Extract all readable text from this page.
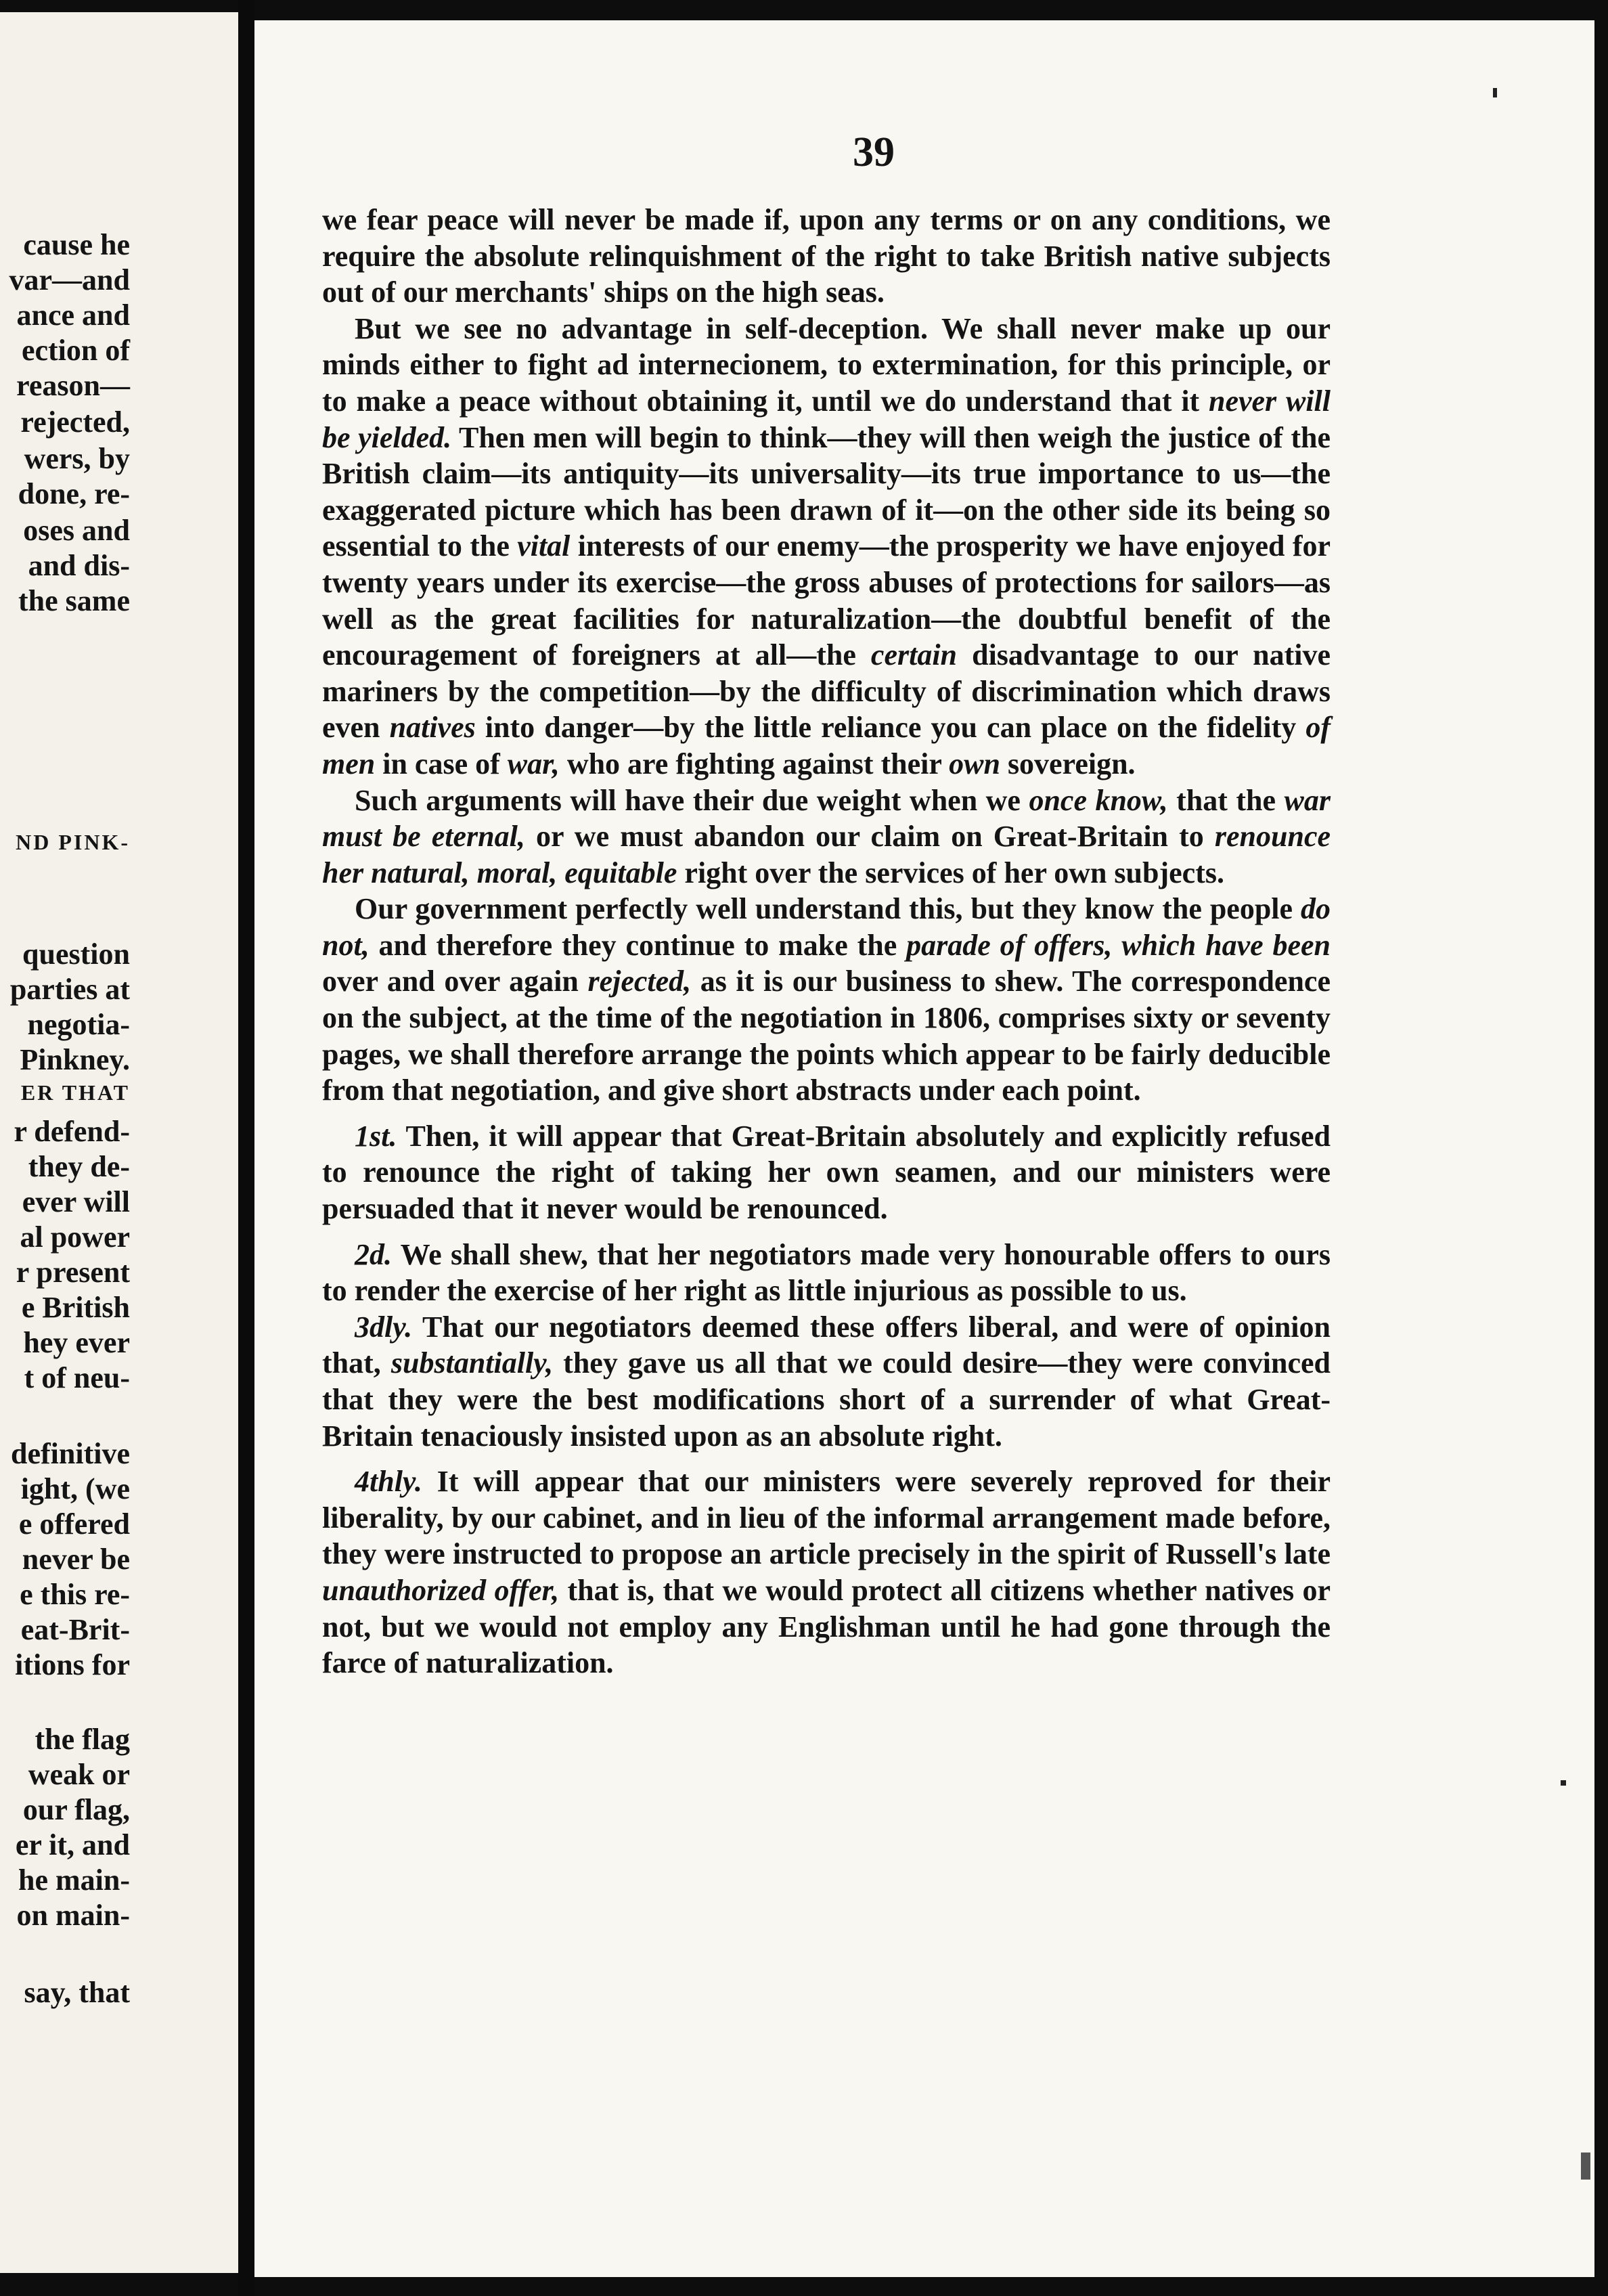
cause he
var—and
ance and
ection of
reason—
rejected,
wers, by
done, re-
oses and
and dis-
the same
ND PINK-
question
parties at
negotia-
Pinkney.
ER THAT
r defend-
they de-
ever will
al power
r present
e British
hey ever
t of neu-
definitive
ight, (we
e offered
never be
e this re-
eat-Brit-
itions for
the flag
weak or
our flag,
er it, and
he main-
on main-
say, that
39

we fear peace will never be made if, upon any terms or on any conditions, we require the absolute relinquishment of the right to take British native subjects out of our merchants' ships on the high seas.

But we see no advantage in self-deception. We shall never make up our minds either to fight ad internecionem, to extermination, for this principle, or to make a peace without obtaining it, until we do understand that it never will be yielded. Then men will begin to think—they will then weigh the justice of the British claim—its antiquity—its universality—its true importance to us—the exaggerated picture which has been drawn of it—on the other side its being so essential to the vital interests of our enemy—the prosperity we have enjoyed for twenty years under its exercise—the gross abuses of protections for sailors—as well as the great facilities for naturalization—the doubtful benefit of the encouragement of foreigners at all—the certain disadvantage to our native mariners by the competition—by the difficulty of discrimination which draws even natives into danger—by the little reliance you can place on the fidelity of men in case of war, who are fighting against their own sovereign.

Such arguments will have their due weight when we once know, that the war must be eternal, or we must abandon our claim on Great-Britain to renounce her natural, moral, equitable right over the services of her own subjects.

Our government perfectly well understand this, but they know the people do not, and therefore they continue to make the parade of offers, which have been over and over again rejected, as it is our business to shew. The correspondence on the subject, at the time of the negotiation in 1806, comprises sixty or seventy pages, we shall therefore arrange the points which appear to be fairly deducible from that negotiation, and give short abstracts under each point.

1st. Then, it will appear that Great-Britain absolutely and explicitly refused to renounce the right of taking her own seamen, and our ministers were persuaded that it never would be renounced.

2d. We shall shew, that her negotiators made very honourable offers to ours to render the exercise of her right as little injurious as possible to us.

3dly. That our negotiators deemed these offers liberal, and were of opinion that, substantially, they gave us all that we could desire—they were convinced that they were the best modifications short of a surrender of what Great-Britain tenaciously insisted upon as an absolute right.

4thly. It will appear that our ministers were severely reproved for their liberality, by our cabinet, and in lieu of the informal arrangement made before, they were instructed to propose an article precisely in the spirit of Russell's late unauthorized offer, that is, that we would protect all citizens whether natives or not, but we would not employ any Englishman until he had gone through the farce of naturalization.
